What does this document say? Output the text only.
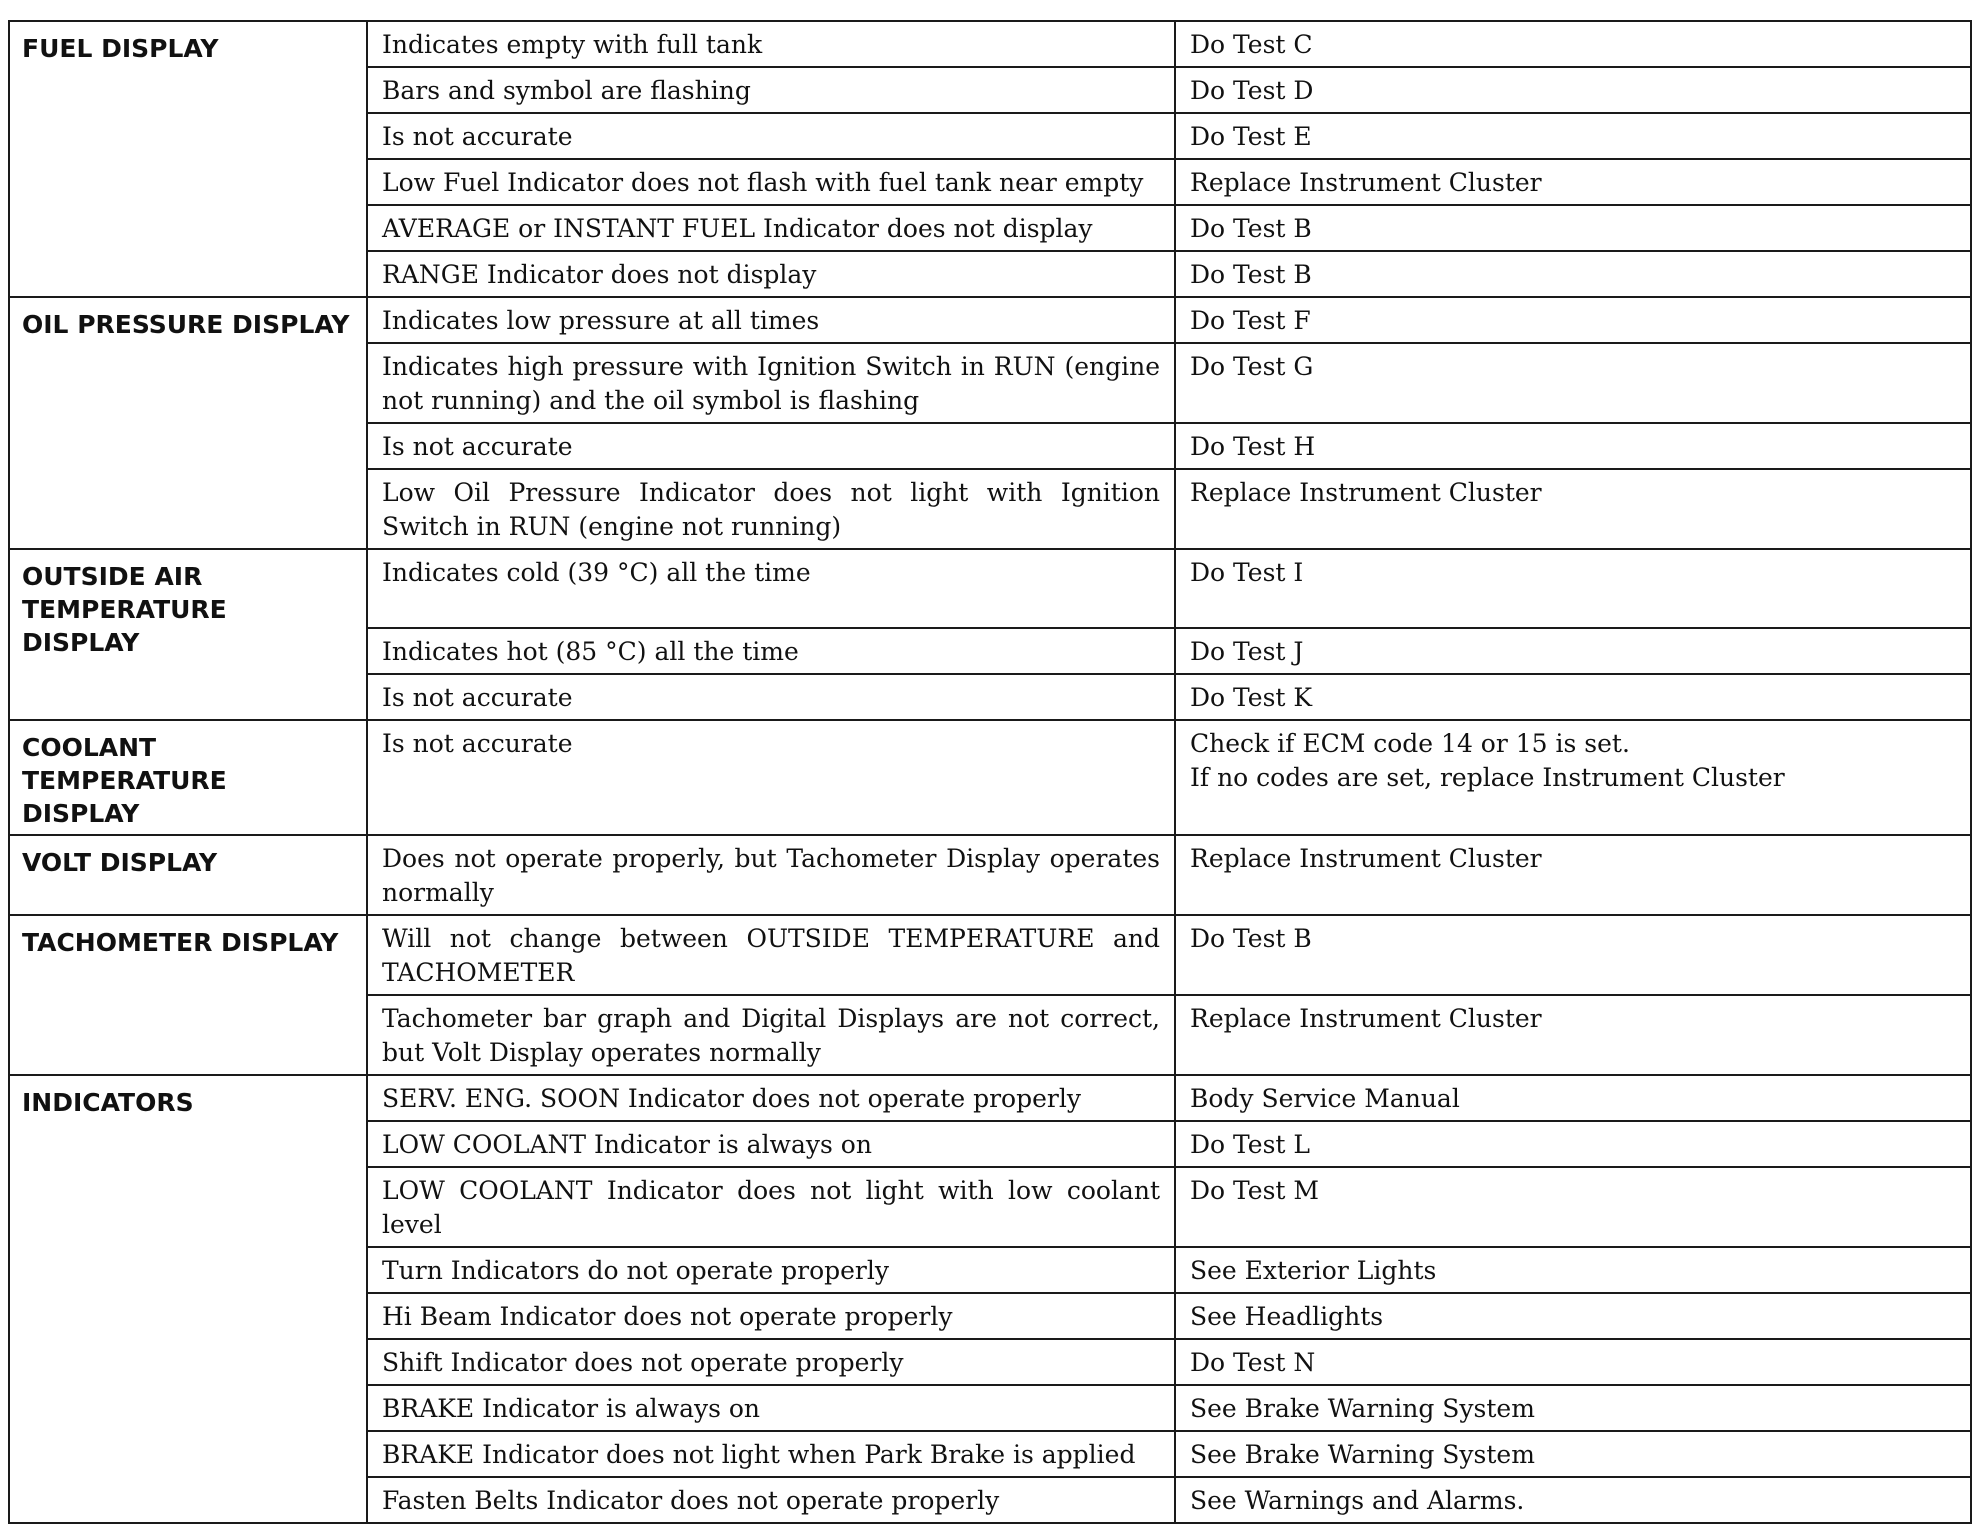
FUEL DISPLAY	Indicates empty with full tank	Do Test C
	Bars and symbol are flashing	Do Test D
	Is not accurate	Do Test E
	Low Fuel Indicator does not flash with fuel tank near empty	Replace Instrument Cluster
	AVERAGE or INSTANT FUEL Indicator does not display	Do Test B
	RANGE Indicator does not display	Do Test B
OIL PRESSURE DISPLAY	Indicates low pressure at all times	Do Test F
	Indicates high pressure with Ignition Switch in RUN (engine not running) and the oil symbol is flashing	Do Test G
	Is not accurate	Do Test H
	Low Oil Pressure Indicator does not light with Ignition Switch in RUN (engine not running)	Replace Instrument Cluster
OUTSIDE AIR TEMPERATURE DISPLAY	Indicates cold (39 °C) all the time	Do Test I
	Indicates hot (85 °C) all the time	Do Test J
	Is not accurate	Do Test K
COOLANT TEMPERATURE DISPLAY	Is not accurate	Check if ECM code 14 or 15 is set.
If no codes are set, replace Instrument Cluster
VOLT DISPLAY	Does not operate properly, but Tachometer Display operates normally	Replace Instrument Cluster
TACHOMETER DISPLAY	Will not change between OUTSIDE TEMPERATURE and TACHOMETER	Do Test B
	Tachometer bar graph and Digital Displays are not correct, but Volt Display operates normally	Replace Instrument Cluster
INDICATORS	SERV. ENG. SOON Indicator does not operate properly	Body Service Manual
	LOW COOLANT Indicator is always on	Do Test L
	LOW COOLANT Indicator does not light with low coolant level	Do Test M
	Turn Indicators do not operate properly	See Exterior Lights
	Hi Beam Indicator does not operate properly	See Headlights
	Shift Indicator does not operate properly	Do Test N
	BRAKE Indicator is always on	See Brake Warning System
	BRAKE Indicator does not light when Park Brake is applied	See Brake Warning System
	Fasten Belts Indicator does not operate properly	See Warnings and Alarms.
